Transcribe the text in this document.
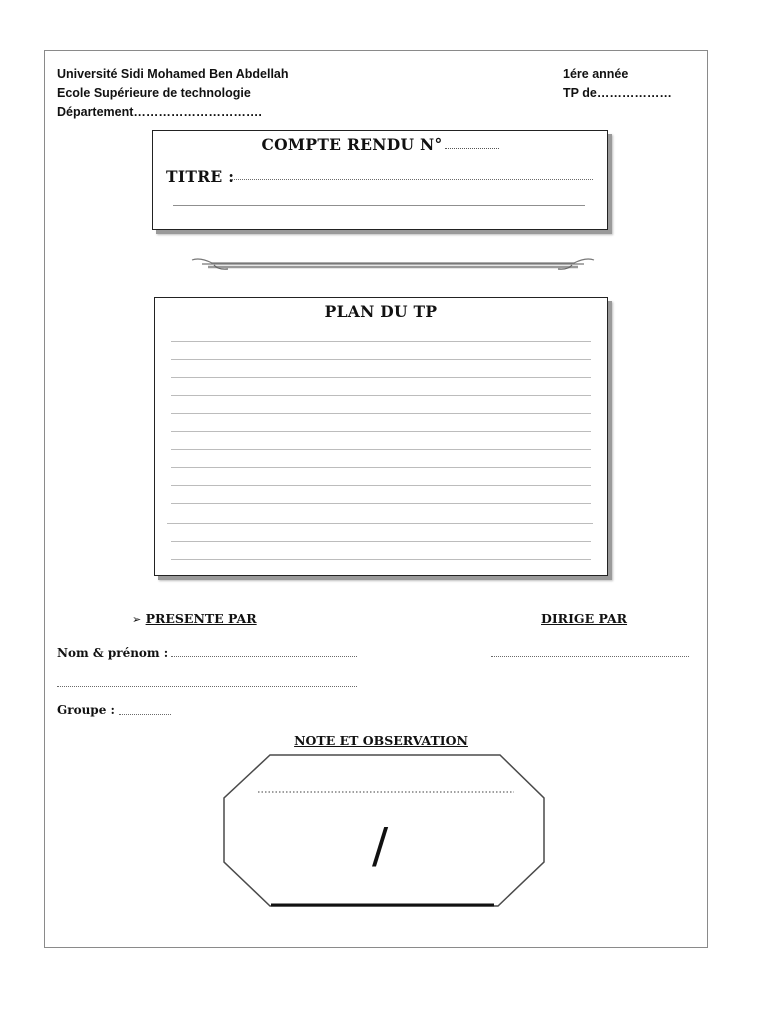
Université Sidi Mohamed Ben Abdellah
Ecole Supérieure de technologie
Département………………………….
1ére année
TP de………………
COMPTE RENDU N°
TITRE :
PLAN DU TP
➢ PRESENTE PAR	DIRIGE PAR
Nom & prénom :
Groupe :
NOTE ET OBSERVATION
/
